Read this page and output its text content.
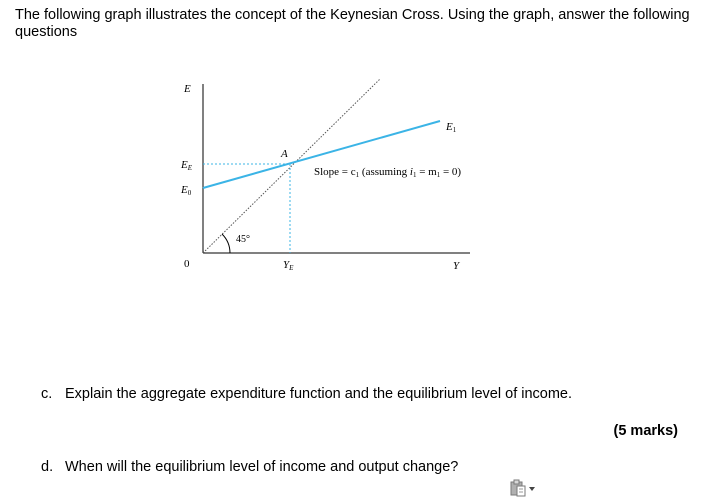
The following graph illustrates the concept of the Keynesian Cross. Using the graph, answer the following questions
E
EE
E0
0	YE	Y
A
E1
45°
Slope = c1 (assuming i1 = m1 = 0)
c. Explain the aggregate expenditure function and the equilibrium level of income.
(5 marks)
d. When will the equilibrium level of income and output change?
